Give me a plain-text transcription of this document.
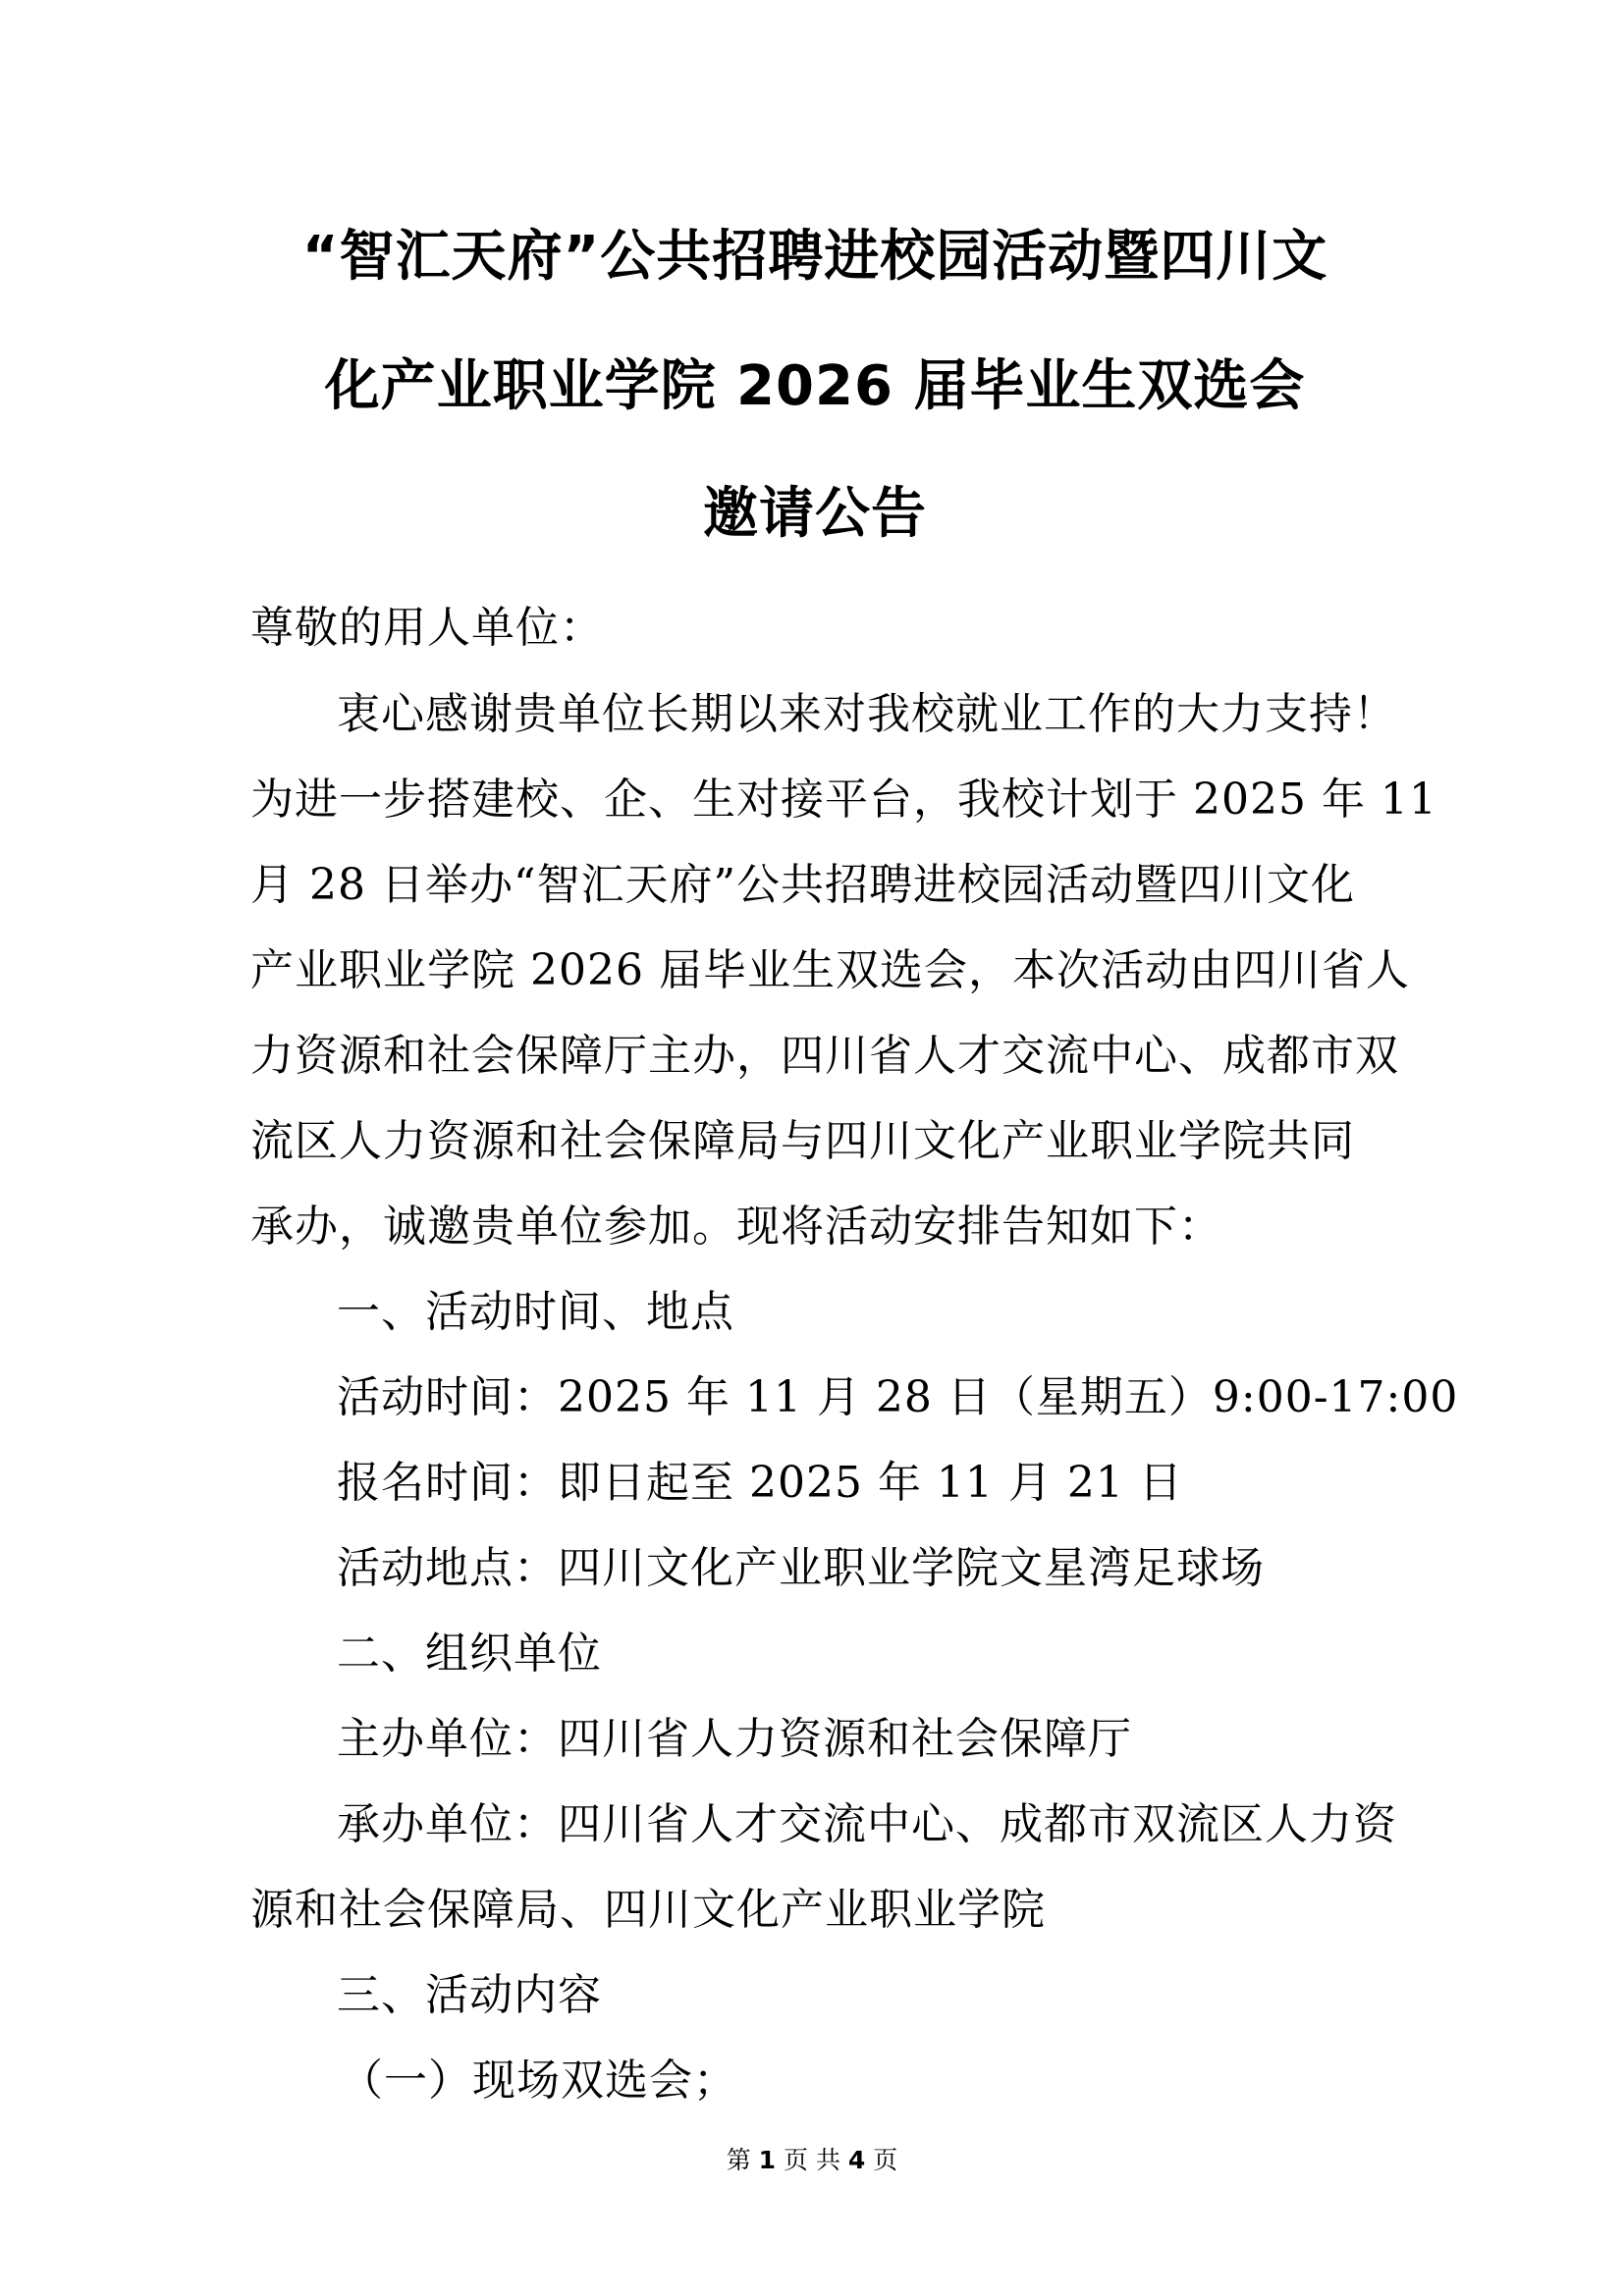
“智汇天府”公共招聘进校园活动暨四川文
化产业职业学院 2026 届毕业生双选会
邀请公告
尊敬的用人单位：
衷心感谢贵单位长期以来对我校就业工作的大力支持！
为进一步搭建校、企、生对接平台，我校计划于 2025 年 11
月 28 日举办“智汇天府”公共招聘进校园活动暨四川文化
产业职业学院 2026 届毕业生双选会，本次活动由四川省人
力资源和社会保障厅主办，四川省人才交流中心、成都市双
流区人力资源和社会保障局与四川文化产业职业学院共同
承办，诚邀贵单位参加。现将活动安排告知如下：
一、活动时间、地点
活动时间：2025 年 11 月 28 日（星期五）9:00-17:00
报名时间：即日起至 2025 年 11 月 21 日
活动地点：四川文化产业职业学院文星湾足球场
二、组织单位
主办单位：四川省人力资源和社会保障厅
承办单位：四川省人才交流中心、成都市双流区人力资
源和社会保障局、四川文化产业职业学院
三、活动内容
（一）现场双选会；
第 1 页 共 4 页
